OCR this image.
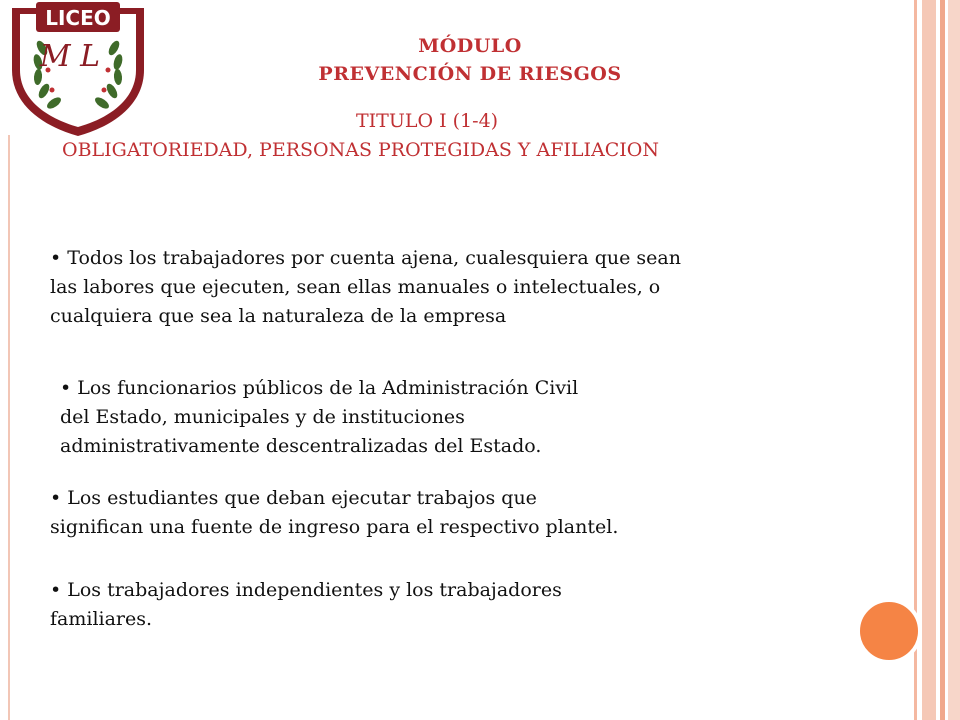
LICEO
M L	MÓDULO
PREVENCIÓN DE RIESGOS
TITULO I (1-4)
OBLIGATORIEDAD, PERSONAS PROTEGIDAS Y AFILIACION
• Todos los trabajadores por cuenta ajena, cualesquiera que sean
las labores que ejecuten, sean ellas manuales o intelectuales, o
cualquiera que sea la naturaleza de la empresa
• Los funcionarios públicos de la Administración Civil
del Estado, municipales y de instituciones
administrativamente descentralizadas del Estado.
• Los estudiantes que deban ejecutar trabajos que
significan una fuente de ingreso para el respectivo plantel.
• Los trabajadores independientes y los trabajadores
familiares.
